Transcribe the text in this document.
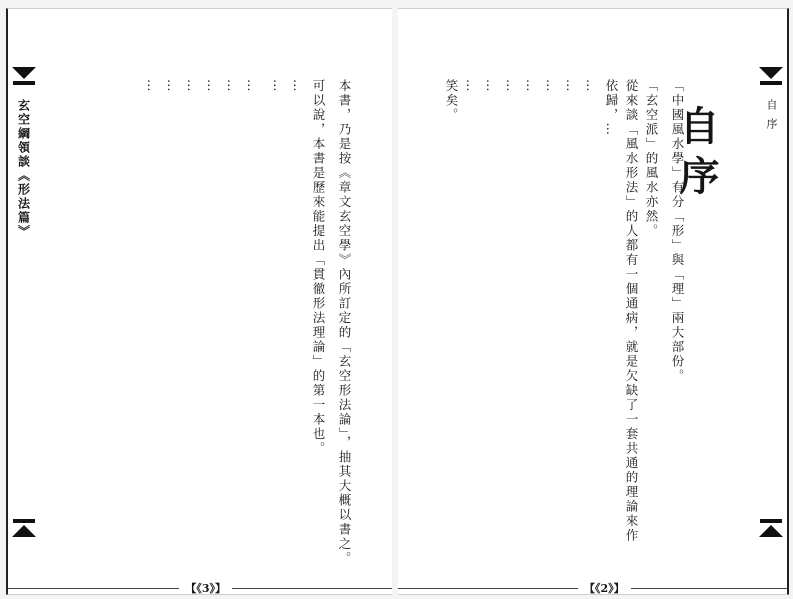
玄空綱領談《形法篇》	本書，乃是按《章文玄空學》內所訂定的「玄空形法論」，抽其大概以書之。

可以說，本書是歷來能提出「貫徹形法理論」的第一本也。

…

…

…

…

…

…

…

…

【《3》】
自序
自序

「中國風水學」有分「形」與「理」兩大部份。

「玄空派」的風水亦然。

從來談「風水形法」的人都有一個通病，就是欠缺了一套共通的理論來作依歸，…

…

…

…

…

…

…

…

笑矣。

【《2》】
